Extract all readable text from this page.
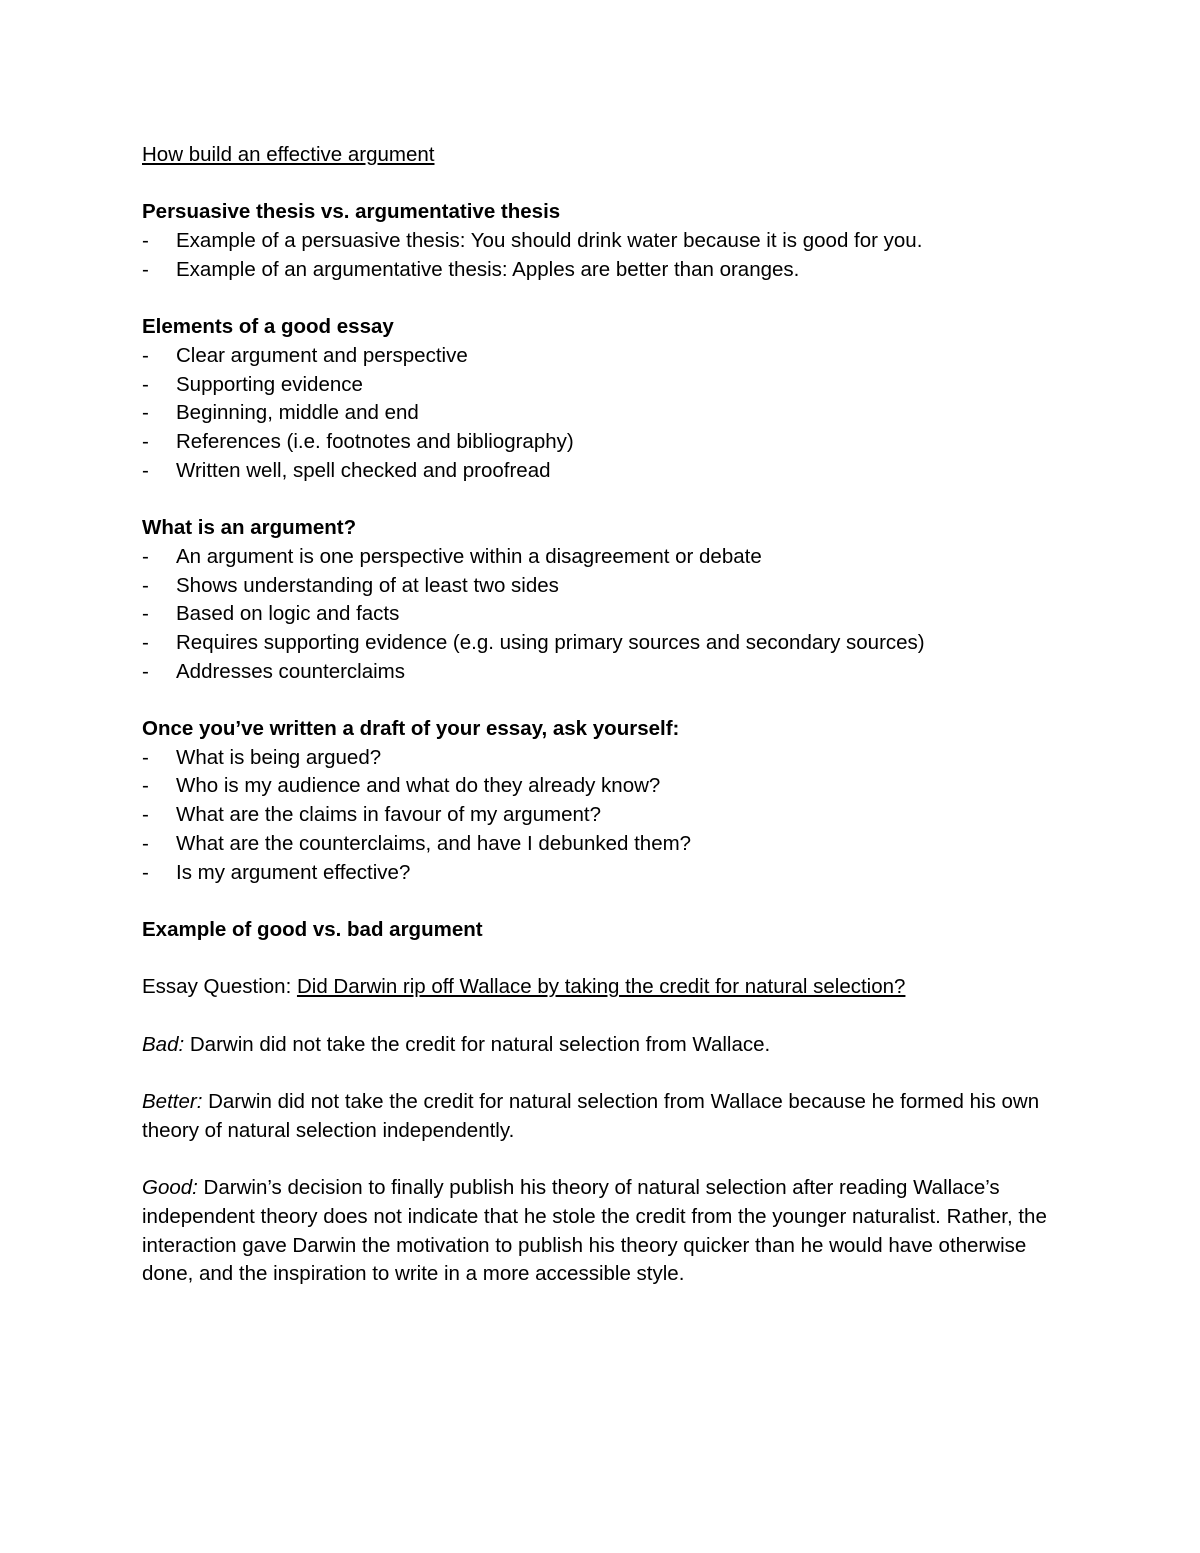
How build an effective argument

Persuasive thesis vs. argumentative thesis

- Example of a persuasive thesis: You should drink water because it is good for you.
- Example of an argumentative thesis: Apples are better than oranges.

Elements of a good essay

- Clear argument and perspective
- Supporting evidence
- Beginning, middle and end
- References (i.e. footnotes and bibliography)
- Written well, spell checked and proofread

What is an argument?

- An argument is one perspective within a disagreement or debate
- Shows understanding of at least two sides
- Based on logic and facts
- Requires supporting evidence (e.g. using primary sources and secondary sources)
- Addresses counterclaims

Once you’ve written a draft of your essay, ask yourself:

- What is being argued?
- Who is my audience and what do they already know?
- What are the claims in favour of my argument?
- What are the counterclaims, and have I debunked them?
- Is my argument effective?

Example of good vs. bad argument

Essay Question: Did Darwin rip off Wallace by taking the credit for natural selection?

Bad: Darwin did not take the credit for natural selection from Wallace.

Better: Darwin did not take the credit for natural selection from Wallace because he formed his own theory of natural selection independently.

Good: Darwin’s decision to finally publish his theory of natural selection after reading Wallace’s independent theory does not indicate that he stole the credit from the younger naturalist. Rather, the interaction gave Darwin the motivation to publish his theory quicker than he would have otherwise done, and the inspiration to write in a more accessible style.
